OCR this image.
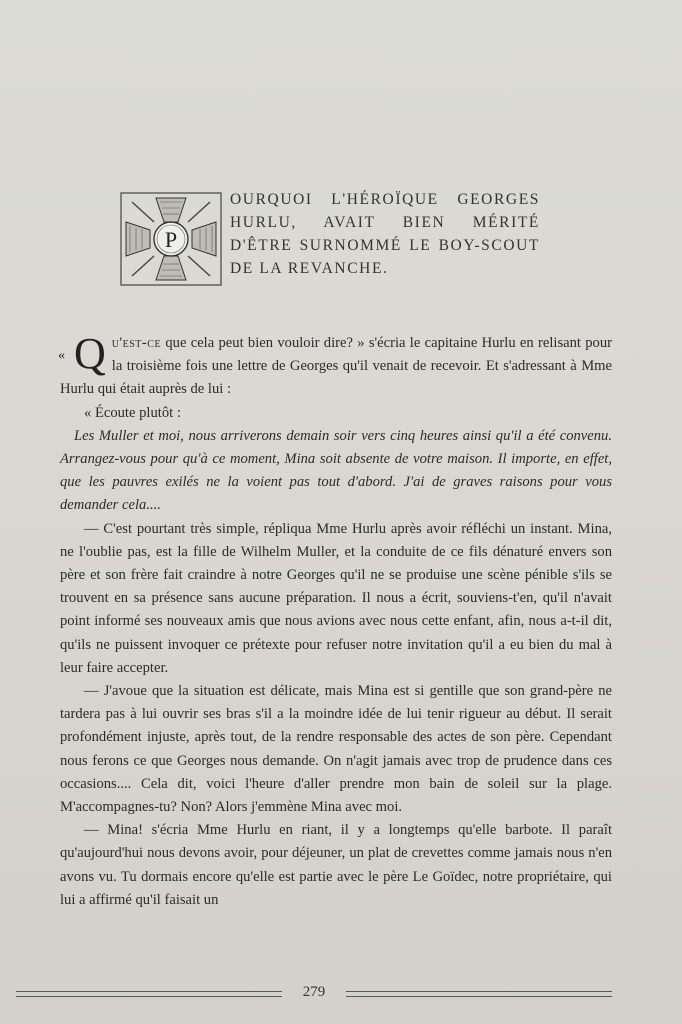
P
OURQUOI L'HÉROÏQUE GEORGES HURLU, AVAIT BIEN MÉRITÉ D'ÊTRE SURNOMMÉ LE BOY-SCOUT DE LA REVANCHE.

« Q u'est-ce que cela peut bien vouloir dire? » s'écria le capitaine Hurlu en relisant pour la troisième fois une lettre de Georges qu'il venait de recevoir. Et s'adressant à Mme Hurlu qui était auprès de lui :

« Écoute plutôt :

Les Muller et moi, nous arriverons demain soir vers cinq heures ainsi qu'il a été convenu. Arrangez-vous pour qu'à ce moment, Mina soit absente de votre maison. Il importe, en effet, que les pauvres exilés ne la voient pas tout d'abord. J'ai de graves raisons pour vous demander cela....

— C'est pourtant très simple, répliqua Mme Hurlu après avoir réfléchi un instant. Mina, ne l'oublie pas, est la fille de Wilhelm Muller, et la conduite de ce fils dénaturé envers son père et son frère fait craindre à notre Georges qu'il ne se produise une scène pénible s'ils se trouvent en sa présence sans aucune préparation. Il nous a écrit, souviens-t'en, qu'il n'avait point informé ses nouveaux amis que nous avions avec nous cette enfant, afin, nous a-t-il dit, qu'ils ne puissent invoquer ce prétexte pour refuser notre invitation qu'il a eu bien du mal à leur faire accepter.

— J'avoue que la situation est délicate, mais Mina est si gentille que son grand-père ne tardera pas à lui ouvrir ses bras s'il a la moindre idée de lui tenir rigueur au début. Il serait profondément injuste, après tout, de la rendre responsable des actes de son père. Cependant nous ferons ce que Georges nous demande. On n'agit jamais avec trop de prudence dans ces occasions.... Cela dit, voici l'heure d'aller prendre mon bain de soleil sur la plage. M'accompagnes-tu? Non? Alors j'emmène Mina avec moi.

— Mina! s'écria Mme Hurlu en riant, il y a longtemps qu'elle barbote. Il paraît qu'aujourd'hui nous devons avoir, pour déjeuner, un plat de crevettes comme jamais nous n'en avons vu. Tu dormais encore qu'elle est partie avec le père Le Goïdec, notre propriétaire, qui lui a affirmé qu'il faisait un

279
